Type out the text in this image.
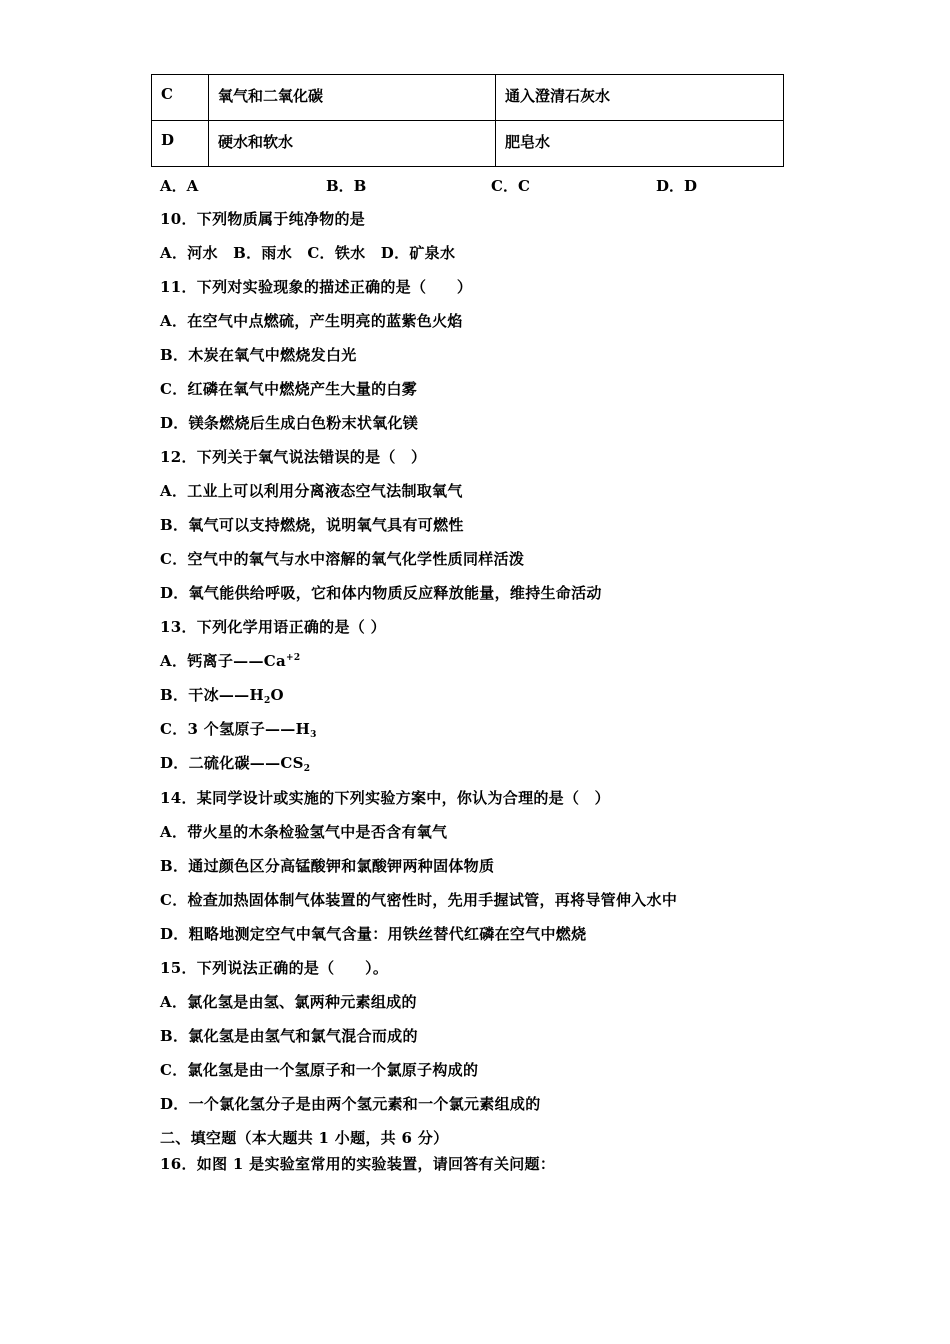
C	氧气和二氧化碳	通入澄清石灰水
D	硬水和软水	肥皂水
A．A	B．B	C．C	D．D
10．下列物质属于纯净物的是
A．河水　B．雨水　C．铁水　D．矿泉水
11．下列对实验现象的描述正确的是（　　）
A．在空气中点燃硫，产生明亮的蓝紫色火焰
B．木炭在氧气中燃烧发白光
C．红磷在氧气中燃烧产生大量的白雾
D．镁条燃烧后生成白色粉末状氧化镁
12．下列关于氧气说法错误的是（　）
A．工业上可以利用分离液态空气法制取氧气
B．氧气可以支持燃烧，说明氧气具有可燃性
C．空气中的氧气与水中溶解的氧气化学性质同样活泼
D．氧气能供给呼吸，它和体内物质反应释放能量，维持生命活动
13．下列化学用语正确的是（ ）
A．钙离子$——Ca^{+2}$
B．干冰$——H_2O$
C．3 个氢原子$——H_3$
D．二硫化碳$——CS_2$
14．某同学设计或实施的下列实验方案中，你认为合理的是（　）
A．带火星的木条检验氢气中是否含有氧气
B．通过颜色区分高锰酸钾和氯酸钾两种固体物质
C．检查加热固体制气体装置的气密性时，先用手握试管，再将导管伸入水中
D．粗略地测定空气中氧气含量：用铁丝替代红磷在空气中燃烧
15．下列说法正确的是（　　）。
A．氯化氢是由氢、氯两种元素组成的
B．氯化氢是由氢气和氯气混合而成的
C．氯化氢是由一个氢原子和一个氯原子构成的
D．一个氯化氢分子是由两个氢元素和一个氯元素组成的
二、填空题（本大题共 1 小题，共 6 分）
16．如图 1 是实验室常用的实验装置，请回答有关问题：
